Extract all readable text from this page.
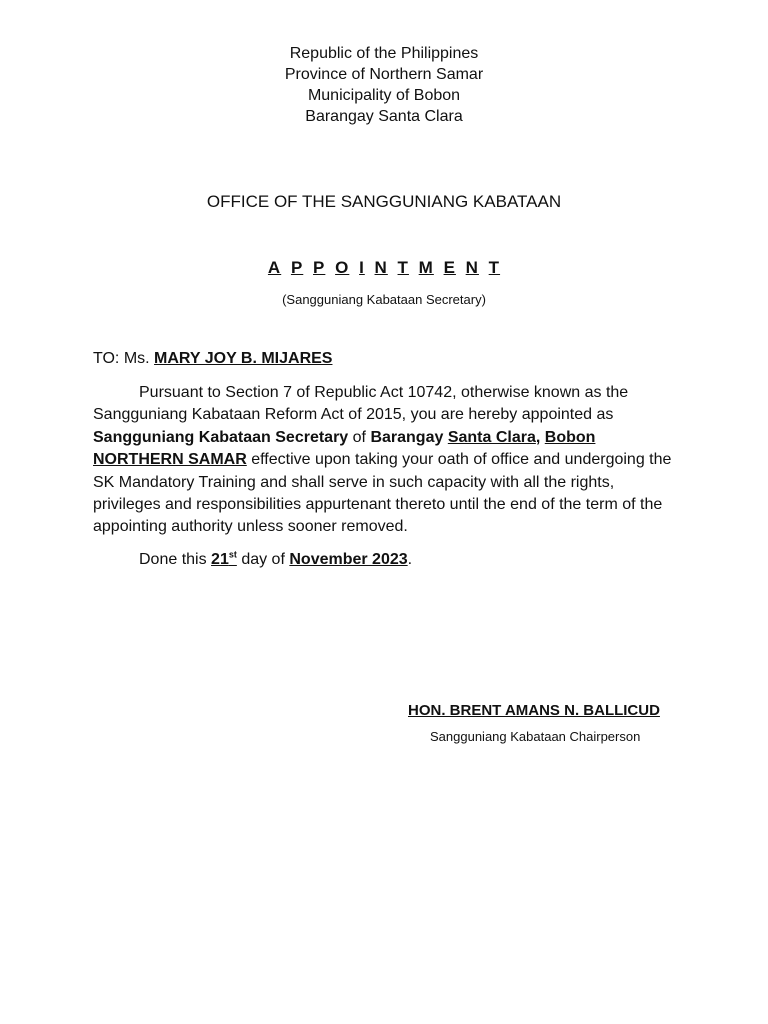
Republic of the Philippines
Province of Northern Samar
Municipality of Bobon
Barangay Santa Clara
OFFICE OF THE SANGGUNIANG KABATAAN
A P P O I N T M E N T
(Sangguniang Kabataan Secretary)
TO: Ms. MARY JOY B. MIJARES

Pursuant to Section 7 of Republic Act 10742, otherwise known as the Sangguniang Kabataan Reform Act of 2015, you are hereby appointed as Sangguniang Kabataan Secretary of Barangay Santa Clara, Bobon NORTHERN SAMAR effective upon taking your oath of office and undergoing the SK Mandatory Training and shall serve in such capacity with all the rights, privileges and responsibilities appurtenant thereto until the end of the term of the appointing authority unless sooner removed.

Done this 21st day of November 2023.

HON. BRENT AMANS N. BALLICUD
Sangguniang Kabataan Chairperson
